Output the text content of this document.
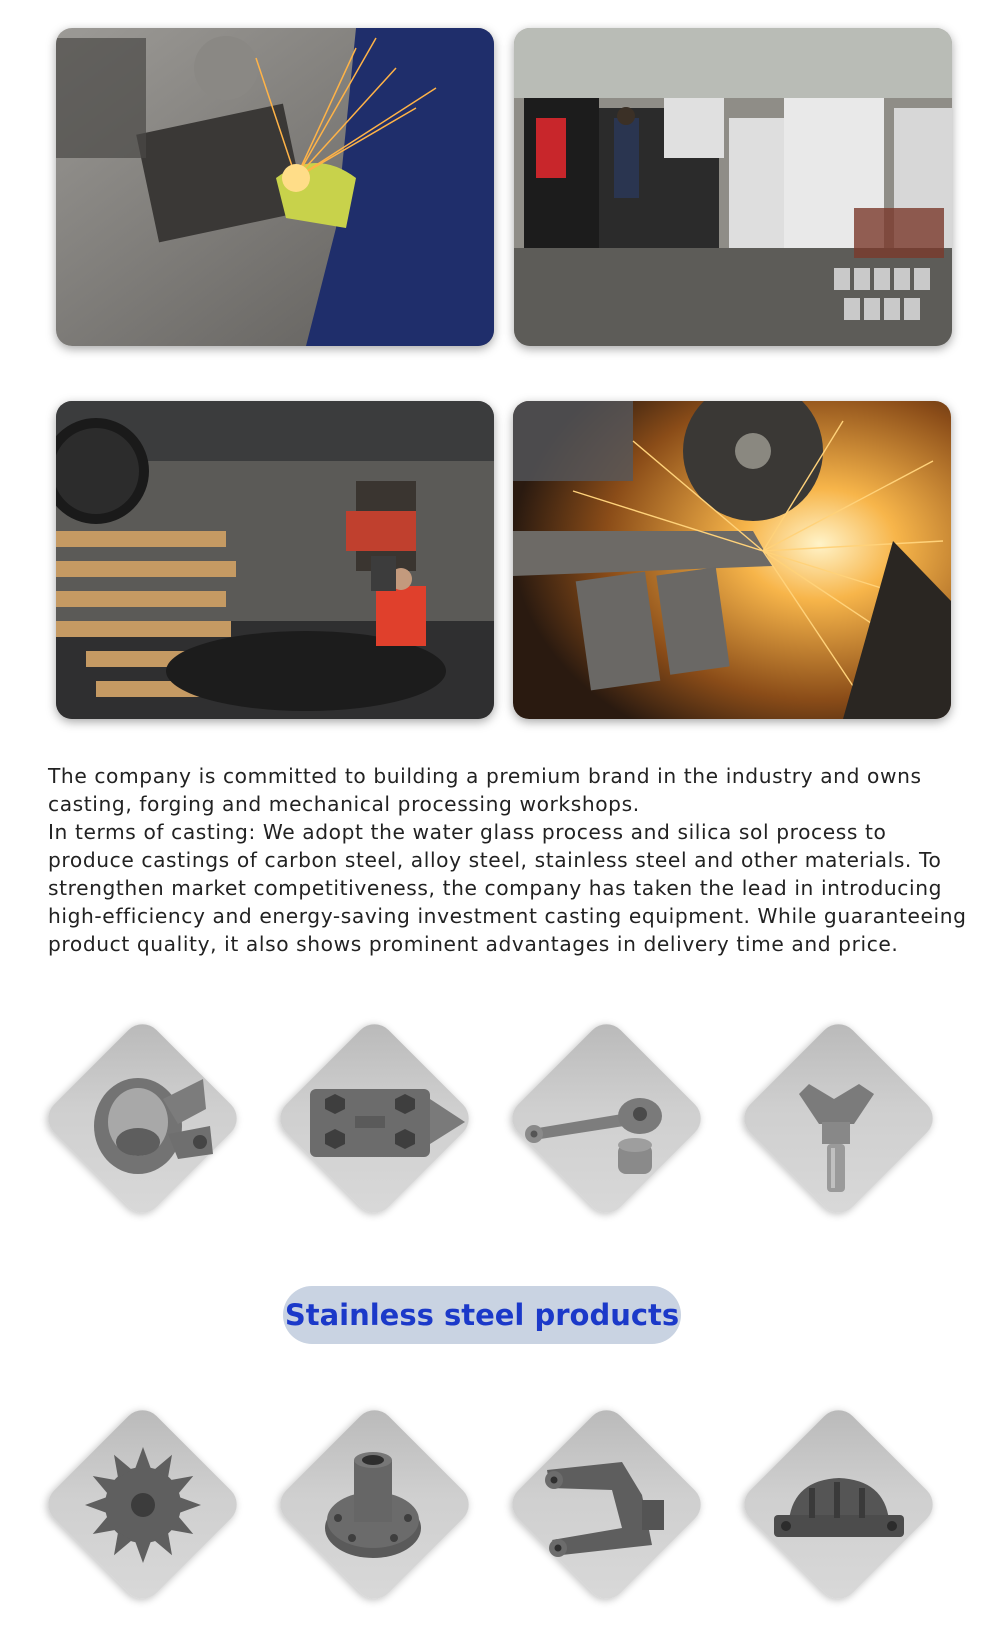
The company is committed to building a premium brand in the industry and owns casting, forging and mechanical processing workshops.

In terms of casting: We adopt the water glass process and silica sol process to produce castings of carbon steel, alloy steel, stainless steel and other materials. To strengthen market competitiveness, the company has taken the lead in introducing high-efficiency and energy-saving investment casting equipment. While guaranteeing product quality, it also shows prominent advantages in delivery time and price.

Stainless steel products
